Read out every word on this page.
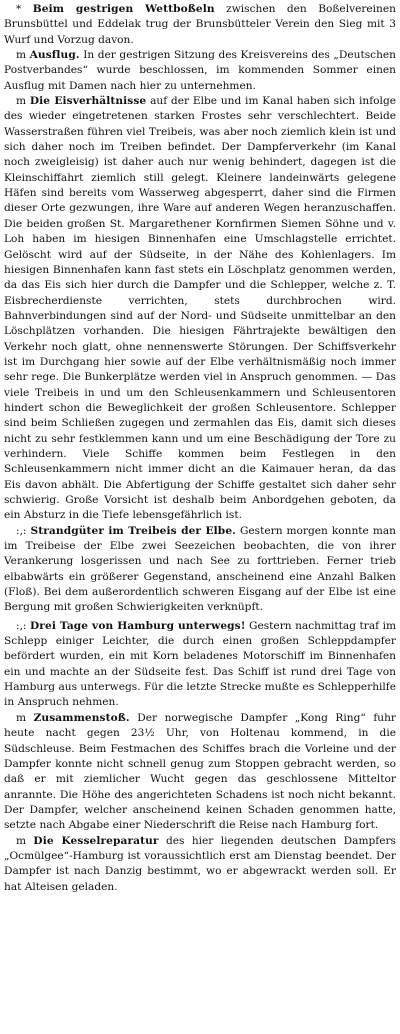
* Beim gestrigen Wettboßeln zwischen den Boßelvereinen Brunsbüttel und Eddelak trug der Brunsbütteler Verein den Sieg mit 3 Wurf und Vorzug davon.

m Ausflug. In der gestrigen Sitzung des Kreisvereins des „Deutschen Postverbandes“ wurde beschlossen, im kommenden Sommer einen Ausflug mit Damen nach hier zu unternehmen.

m Die Eisverhältnisse auf der Elbe und im Kanal haben sich infolge des wieder eingetretenen starken Frostes sehr verschlechtert. Beide Wasserstraßen führen viel Treibeis, was aber noch ziemlich klein ist und sich daher noch im Treiben befindet. Der Dampferverkehr (im Kanal noch zweigleisig) ist daher auch nur wenig behindert, dagegen ist die Kleinschiffahrt ziemlich still gelegt. Kleinere landeinwärts gelegene Häfen sind bereits vom Wasserweg abgesperrt, daher sind die Firmen dieser Orte gezwungen, ihre Ware auf anderen Wegen heranzuschaffen. Die beiden großen St. Margarethener Kornfirmen Siemen Söhne und v. Loh haben im hiesigen Binnenhafen eine Umschlagstelle errichtet. Gelöscht wird auf der Südseite, in der Nähe des Kohlenlagers. Im hiesigen Binnenhafen kann fast stets ein Löschplatz genommen werden, da das Eis sich hier durch die Dampfer und die Schlepper, welche z. T. Eisbrecherdienste verrichten, stets durchbrochen wird. Bahnverbindungen sind auf der Nord- und Südseite unmittelbar an den Löschplätzen vorhanden. Die hiesigen Fährtrajekte bewältigen den Verkehr noch glatt, ohne nennenswerte Störungen. Der Schiffsverkehr ist im Durchgang hier sowie auf der Elbe verhältnismäßig noch immer sehr rege. Die Bunkerplätze werden viel in Anspruch genommen. — Das viele Treibeis in und um den Schleusenkammern und Schleusentoren hindert schon die Beweglichkeit der großen Schleusentore. Schlepper sind beim Schließen zugegen und zermahlen das Eis, damit sich dieses nicht zu sehr festklemmen kann und um eine Beschädigung der Tore zu verhindern. Viele Schiffe kommen beim Festlegen in den Schleusenkammern nicht immer dicht an die Kaimauer heran, da das Eis davon abhält. Die Abfertigung der Schiffe gestaltet sich daher sehr schwierig. Große Vorsicht ist deshalb beim Anbordgehen geboten, da ein Absturz in die Tiefe lebensgefährlich ist.

:,: Strandgüter im Treibeis der Elbe. Gestern morgen konnte man im Treibeise der Elbe zwei Seezeichen beobachten, die von ihrer Verankerung losgerissen und nach See zu forttrieben. Ferner trieb elbabwärts ein größerer Gegenstand, anscheinend eine Anzahl Balken (Floß). Bei dem außerordentlich schweren Eisgang auf der Elbe ist eine Bergung mit großen Schwierigkeiten verknüpft.

:,: Drei Tage von Hamburg unterwegs! Gestern nachmittag traf im Schlepp einiger Leichter, die durch einen großen Schleppdampfer befördert wurden, ein mit Korn beladenes Motorschiff im Binnenhafen ein und machte an der Südseite fest. Das Schiff ist rund drei Tage von Hamburg aus unterwegs. Für die letzte Strecke mußte es Schlepperhilfe in Anspruch nehmen.

m Zusammenstoß. Der norwegische Dampfer „Kong Ring“ fuhr heute nacht gegen 23½ Uhr, von Holtenau kommend, in die Südschleuse. Beim Festmachen des Schiffes brach die Vorleine und der Dampfer konnte nicht schnell genug zum Stoppen gebracht werden, so daß er mit ziemlicher Wucht gegen das geschlossene Mitteltor anrannte. Die Höhe des angerichteten Schadens ist noch nicht bekannt. Der Dampfer, welcher anscheinend keinen Schaden genommen hatte, setzte nach Abgabe einer Niederschrift die Reise nach Hamburg fort.

m Die Kesselreparatur des hier liegenden deutschen Dampfers „Ocmülgee“-Hamburg ist voraussichtlich erst am Dienstag beendet. Der Dampfer ist nach Danzig bestimmt, wo er abgewrackt werden soll. Er hat Alteisen geladen.
